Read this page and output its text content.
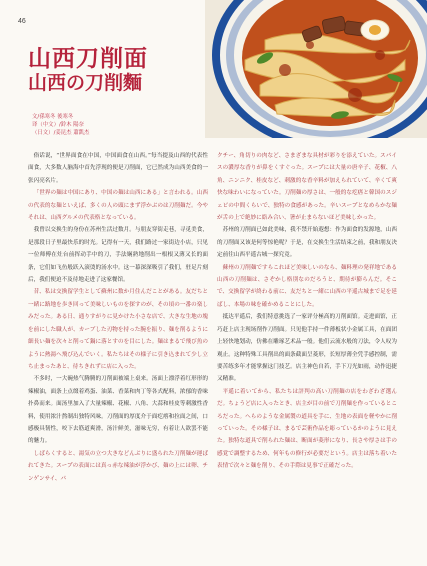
46
山西刀削面
山西の刀削麵
文/孫寒冬 後寒冬
译（中文）/鈴木 陽奈
（日文）/姜昆杰 蕭凱杰

俗话说，“世界面食在中国，中国面食在山西。”每当提及山西的代表性面食，大多数人脑海中首先浮现的便是刀削面，它已然成为山西美食的一张闪亮名片。

「世界の麺は中国にあり、中国の麺は山西にある」と言われる。山西の代表的な麺といえば、多くの人の頭にまず浮かぶのは刀削麺だ。今やそれは、山西グルメの代表格となっている。

我曾以交换生的身份在苏州生活过数月。与朋友穿街走巷，寻觅美食，是那段日子里最快乐的时光。记得有一天，我们路过一家街边小店，只见一位师傅在灶台前挥动手中的刀，手法娴熟地削出一根根又薄又长的面条，它们如飞鱼般跃入滚烫的汤水中。这一幕深深吸引了我们，驻足片刻后，我们便迫不及待地走进了这家餐馆。

昔、私は交換留学生として蘇州に数か月住んだことがある。友だちと一緒に路地を歩き回って美味しいものを探すのが、その頃の一番の楽しみだった。ある日、通りすがりに見かけた小さな店で、大きな生地の塊を前にした職人が、カーブした刃物を持った腕を振り、麺を削るように細長い麺を次々と削って鍋に落とすのを目にした。麺はまるで飛び魚のように熱湯へ飛び込んでいく。私たちはその様子に引き込まれて少し立ち止まったあと、待ちきれずに店に入った。

不多时，一大碗热气腾腾的刀削面被端上桌来。汤面上漂浮着红形形的辣椒油，面条上点缀着鸡蛋、油菜、香菜和肉丁等各式配料，浓郁的香味扑鼻而来。面汤里加入了大量辣椒、花椒、八角、大蒜和桂皮等刺激性香料，使用浓汁熬制出独特风味。刀削面的厚度介于面疙瘩和拉面之间，口感极具韧性，咬下去筋道爽滑，汤汁鲜美，滋味无穷，有着让人欲罢不能的魅力。

しばらくすると、湯気の立つ大きなどんぶりに盛られた刀削麺が運ばれてきた。スープの表面には真っ赤な辣油が浮かび、麺の上には卵、チンゲンサイ、パ

クチー、角切りの肉など、さまざまな具材が彩りを添えていた。スパイスの濃厚な香りが鼻をくすぐった。スープには大量の唐辛子、花椒、八角、ニンニク、桂皮など、刺激的な香辛料が加えられていて、辛くて爽快な味わいになっていた。刀削麺の厚さは、一般的な疙瘩と韓国のスジェビの中間くらいで、独特の食感があった。辛いスープとなめらかな麺が舌の上で絶妙に絡み合い、箸が止まらないほど美味しかった。

苏州的刀削面已如此美味，我不禁开始遐想：作为面食的发源地，山西的刀削面又该是何等惊艳呢？于是，在交换生生活结束之前，我和朋友决定前往山西平遥古城一探究竟。

蘇州の刀削麺ですらこれほど美味しいのなら、麺料理の発祥地である山西の刀削麺は、さぞかし格別なのだろうと、期待が膨らんだ。そこで、交換留学が終わる前に、友だちと一緒に山西の平遥古城まで足を延ばし、本場の味を確かめることにした。

抵达平遥后，我们特意挑选了一家评分極高的刀削面馆。走进面馆，正巧赶上店主现场削作刀削面。只见他手持一件薄板状小金属工具，在面团上轻快地划动，仿佛在雕琢艺术品一般。他们云流水般的刀法，令人叹为观止。这种特殊工具削出的面条截面呈菱形，长短厚薄全凭手感控制，需要苦练多年才能掌握这门技艺。店主神色自若，手下刀光如雨，动作迅捷又精准。

平遥に着いてから、私たちは評判の高い刀削麺の店をわざわざ選んだ。ちょうど店に入ったとき、店主が目の前で刀削麺を作っているところだった。へらのような金属製の道具を手に、生地の表面を軽やかに削っていった。その様子は、まるで芸術作品を彫っているかのように見えた。独特な道具で削られた麺は、断面が菱形になり、長さや厚さは手の感覚で調整するため、何年もの修行が必要だという。店主は落ち着いた表情で次々と麺を削り、その手際は見事で正確だった。
